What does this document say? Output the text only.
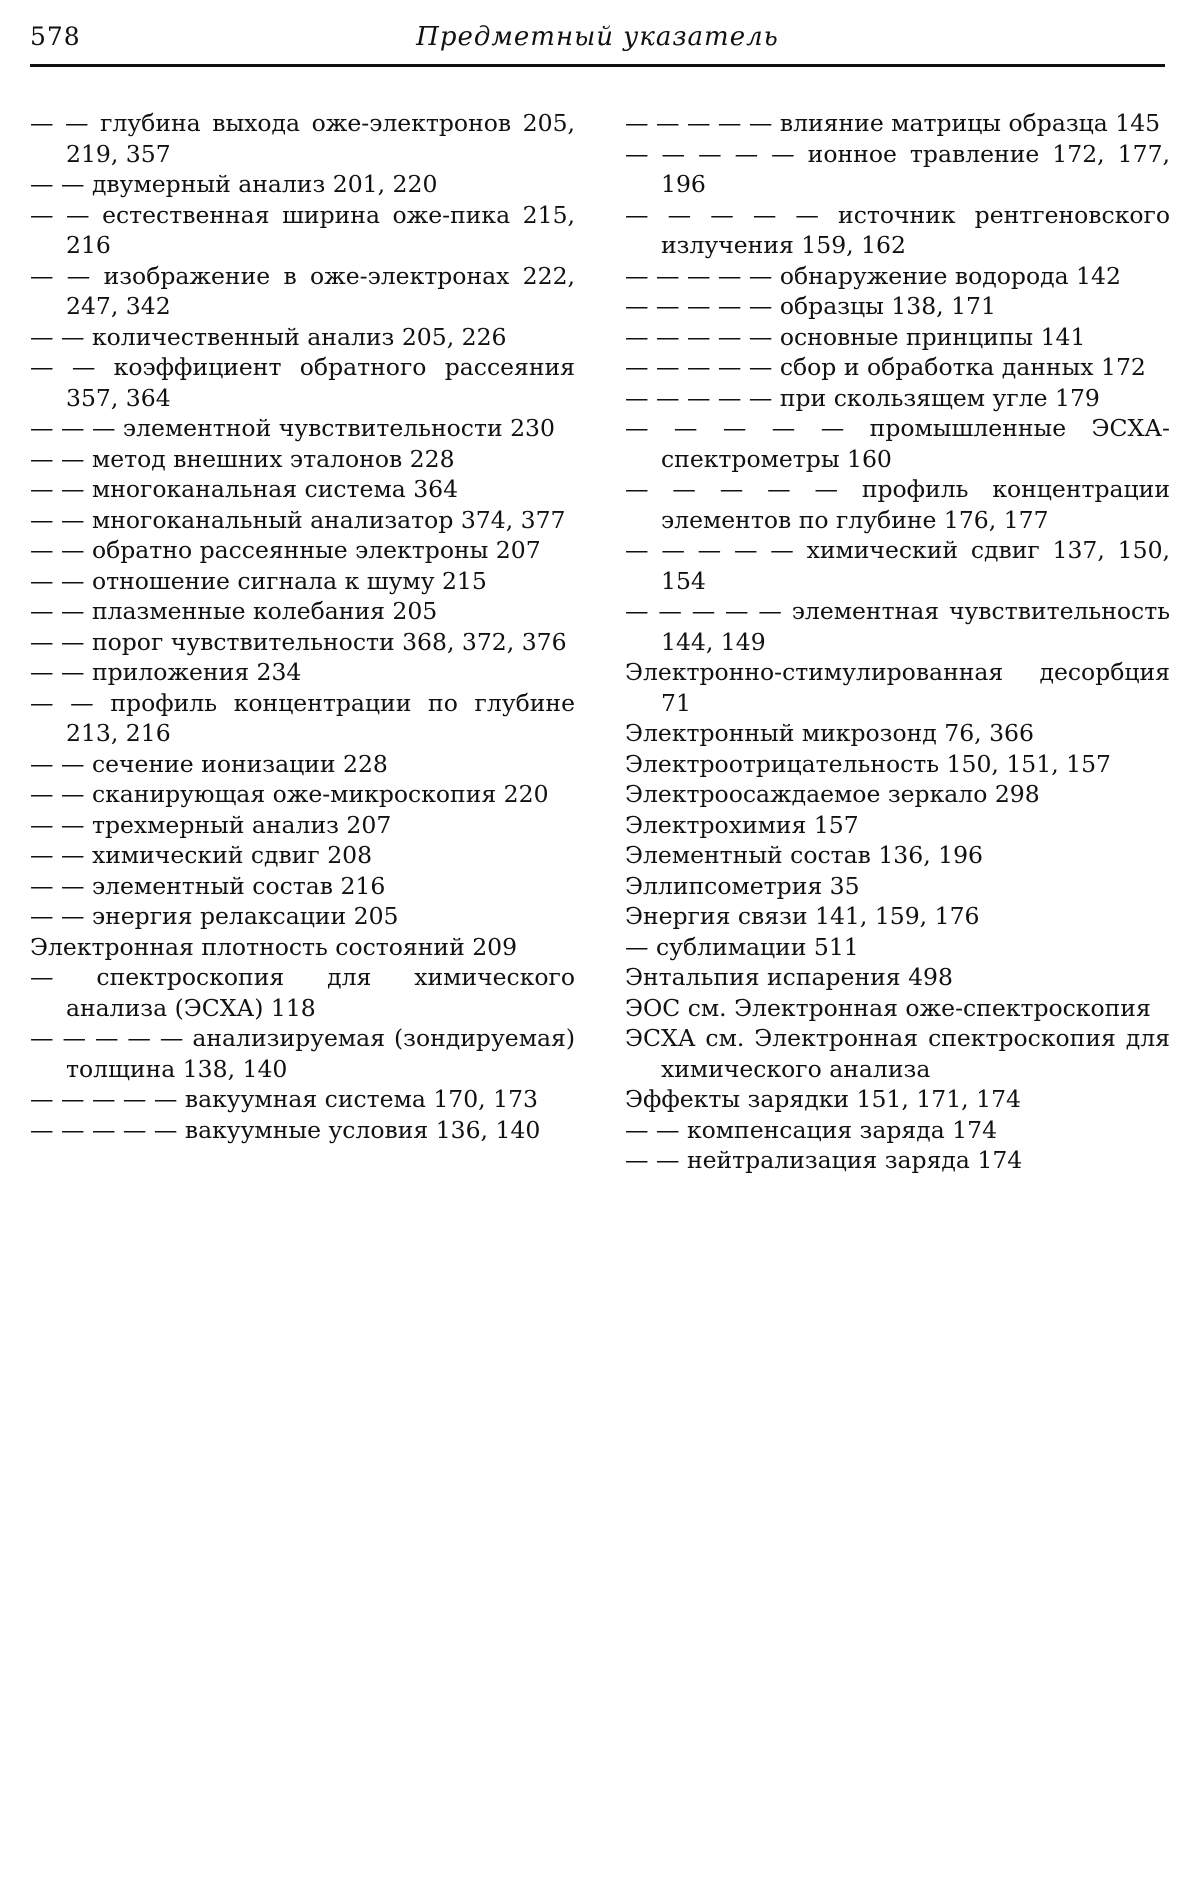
578	Предметный указатель

— — глубина выхода оже-электронов 205, 219, 357

— — двумерный анализ 201, 220

— — естественная ширина оже-пика 215, 216

— — изображение в оже-электронах 222, 247, 342

— — количественный анализ 205, 226

— — коэффициент обратного рассеяния 357, 364

— — — элементной чувствительности 230

— — метод внешних эталонов 228

— — многоканальная система 364

— — многоканальный анализатор 374, 377

— — обратно рассеянные электроны 207

— — отношение сигнала к шуму 215

— — плазменные колебания 205

— — порог чувствительности 368, 372, 376

— — приложения 234

— — профиль концентрации по глубине 213, 216

— — сечение ионизации 228

— — сканирующая оже-микроскопия 220

— — трехмерный анализ 207

— — химический сдвиг 208

— — элементный состав 216

— — энергия релаксации 205

Электронная плотность состояний 209

— спектроскопия для химического анализа (ЭСХА) 118

— — — — — анализируемая (зондируемая) толщина 138, 140

— — — — — вакуумная система 170, 173

— — — — — вакуумные условия 136, 140

— — — — — влияние матрицы образца 145

— — — — — ионное травление 172, 177, 196

— — — — — источник рентгеновского излучения 159, 162

— — — — — обнаружение водорода 142

— — — — — образцы 138, 171

— — — — — основные принципы 141

— — — — — сбор и обработка данных 172

— — — — — при скользящем угле 179

— — — — — промышленные ЭСХА-спектрометры 160

— — — — — профиль концентрации элементов по глубине 176, 177

— — — — — химический сдвиг 137, 150, 154

— — — — — элементная чувствительность 144, 149

Электронно-стимулированная десорбция 71

Электронный микрозонд 76, 366

Электроотрицательность 150, 151, 157

Электроосаждаемое зеркало 298

Электрохимия 157

Элементный состав 136, 196

Эллипсометрия 35

Энергия связи 141, 159, 176

— сублимации 511

Энтальпия испарения 498

ЭОС см. Электронная оже-спектроскопия

ЭСХА см. Электронная спектроскопия для химического анализа

Эффекты зарядки 151, 171, 174

— — компенсация заряда 174

— — нейтрализация заряда 174
